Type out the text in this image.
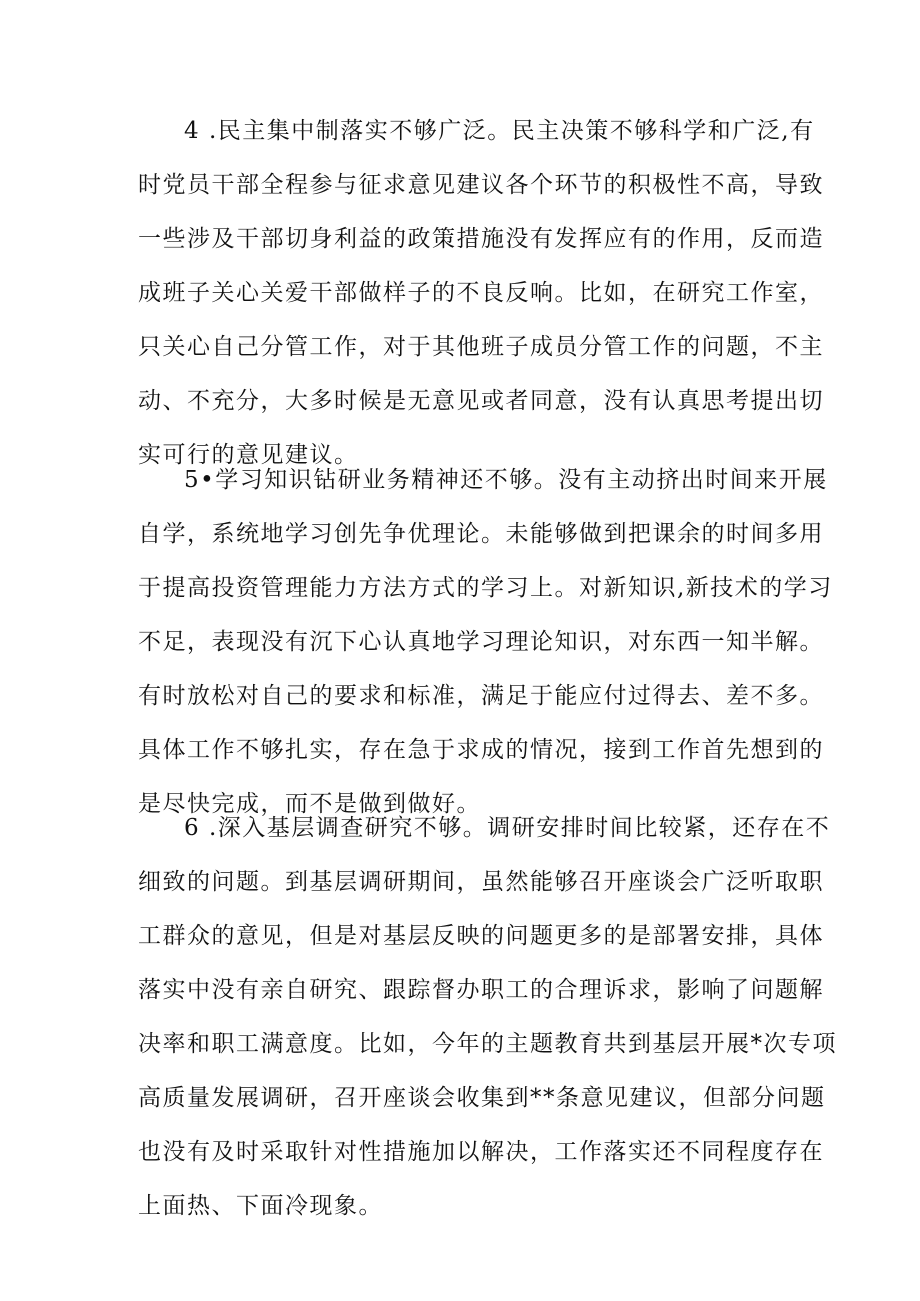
4 .民主集中制落实不够广泛。民主决策不够科学和广泛,有
时党员干部全程参与征求意见建议各个环节的积极性不高，导致
一些涉及干部切身利益的政策措施没有发挥应有的作用，反而造
成班子关心关爱干部做样子的不良反响。比如，在研究工作室，
只关心自己分管工作，对于其他班子成员分管工作的问题，不主
动、不充分，大多时候是无意见或者同意，没有认真思考提出切
实可行的意见建议。
5•学习知识钻研业务精神还不够。没有主动挤出时间来开展
自学，系统地学习创先争优理论。未能够做到把课余的时间多用
于提高投资管理能力方法方式的学习上。对新知识,新技术的学习
不足，表现没有沉下心认真地学习理论知识，对东西一知半解。
有时放松对自己的要求和标准，满足于能应付过得去、差不多。
具体工作不够扎实，存在急于求成的情况，接到工作首先想到的
是尽快完成，而不是做到做好。
6 .深入基层调查研究不够。调研安排时间比较紧，还存在不
细致的问题。到基层调研期间，虽然能够召开座谈会广泛听取职
工群众的意见，但是对基层反映的问题更多的是部署安排，具体
落实中没有亲自研究、跟踪督办职工的合理诉求，影响了问题解
决率和职工满意度。比如，今年的主题教育共到基层开展*次专项
高质量发展调研，召开座谈会收集到**条意见建议，但部分问题
也没有及时采取针对性措施加以解决，工作落实还不同程度存在
上面热、下面冷现象。
